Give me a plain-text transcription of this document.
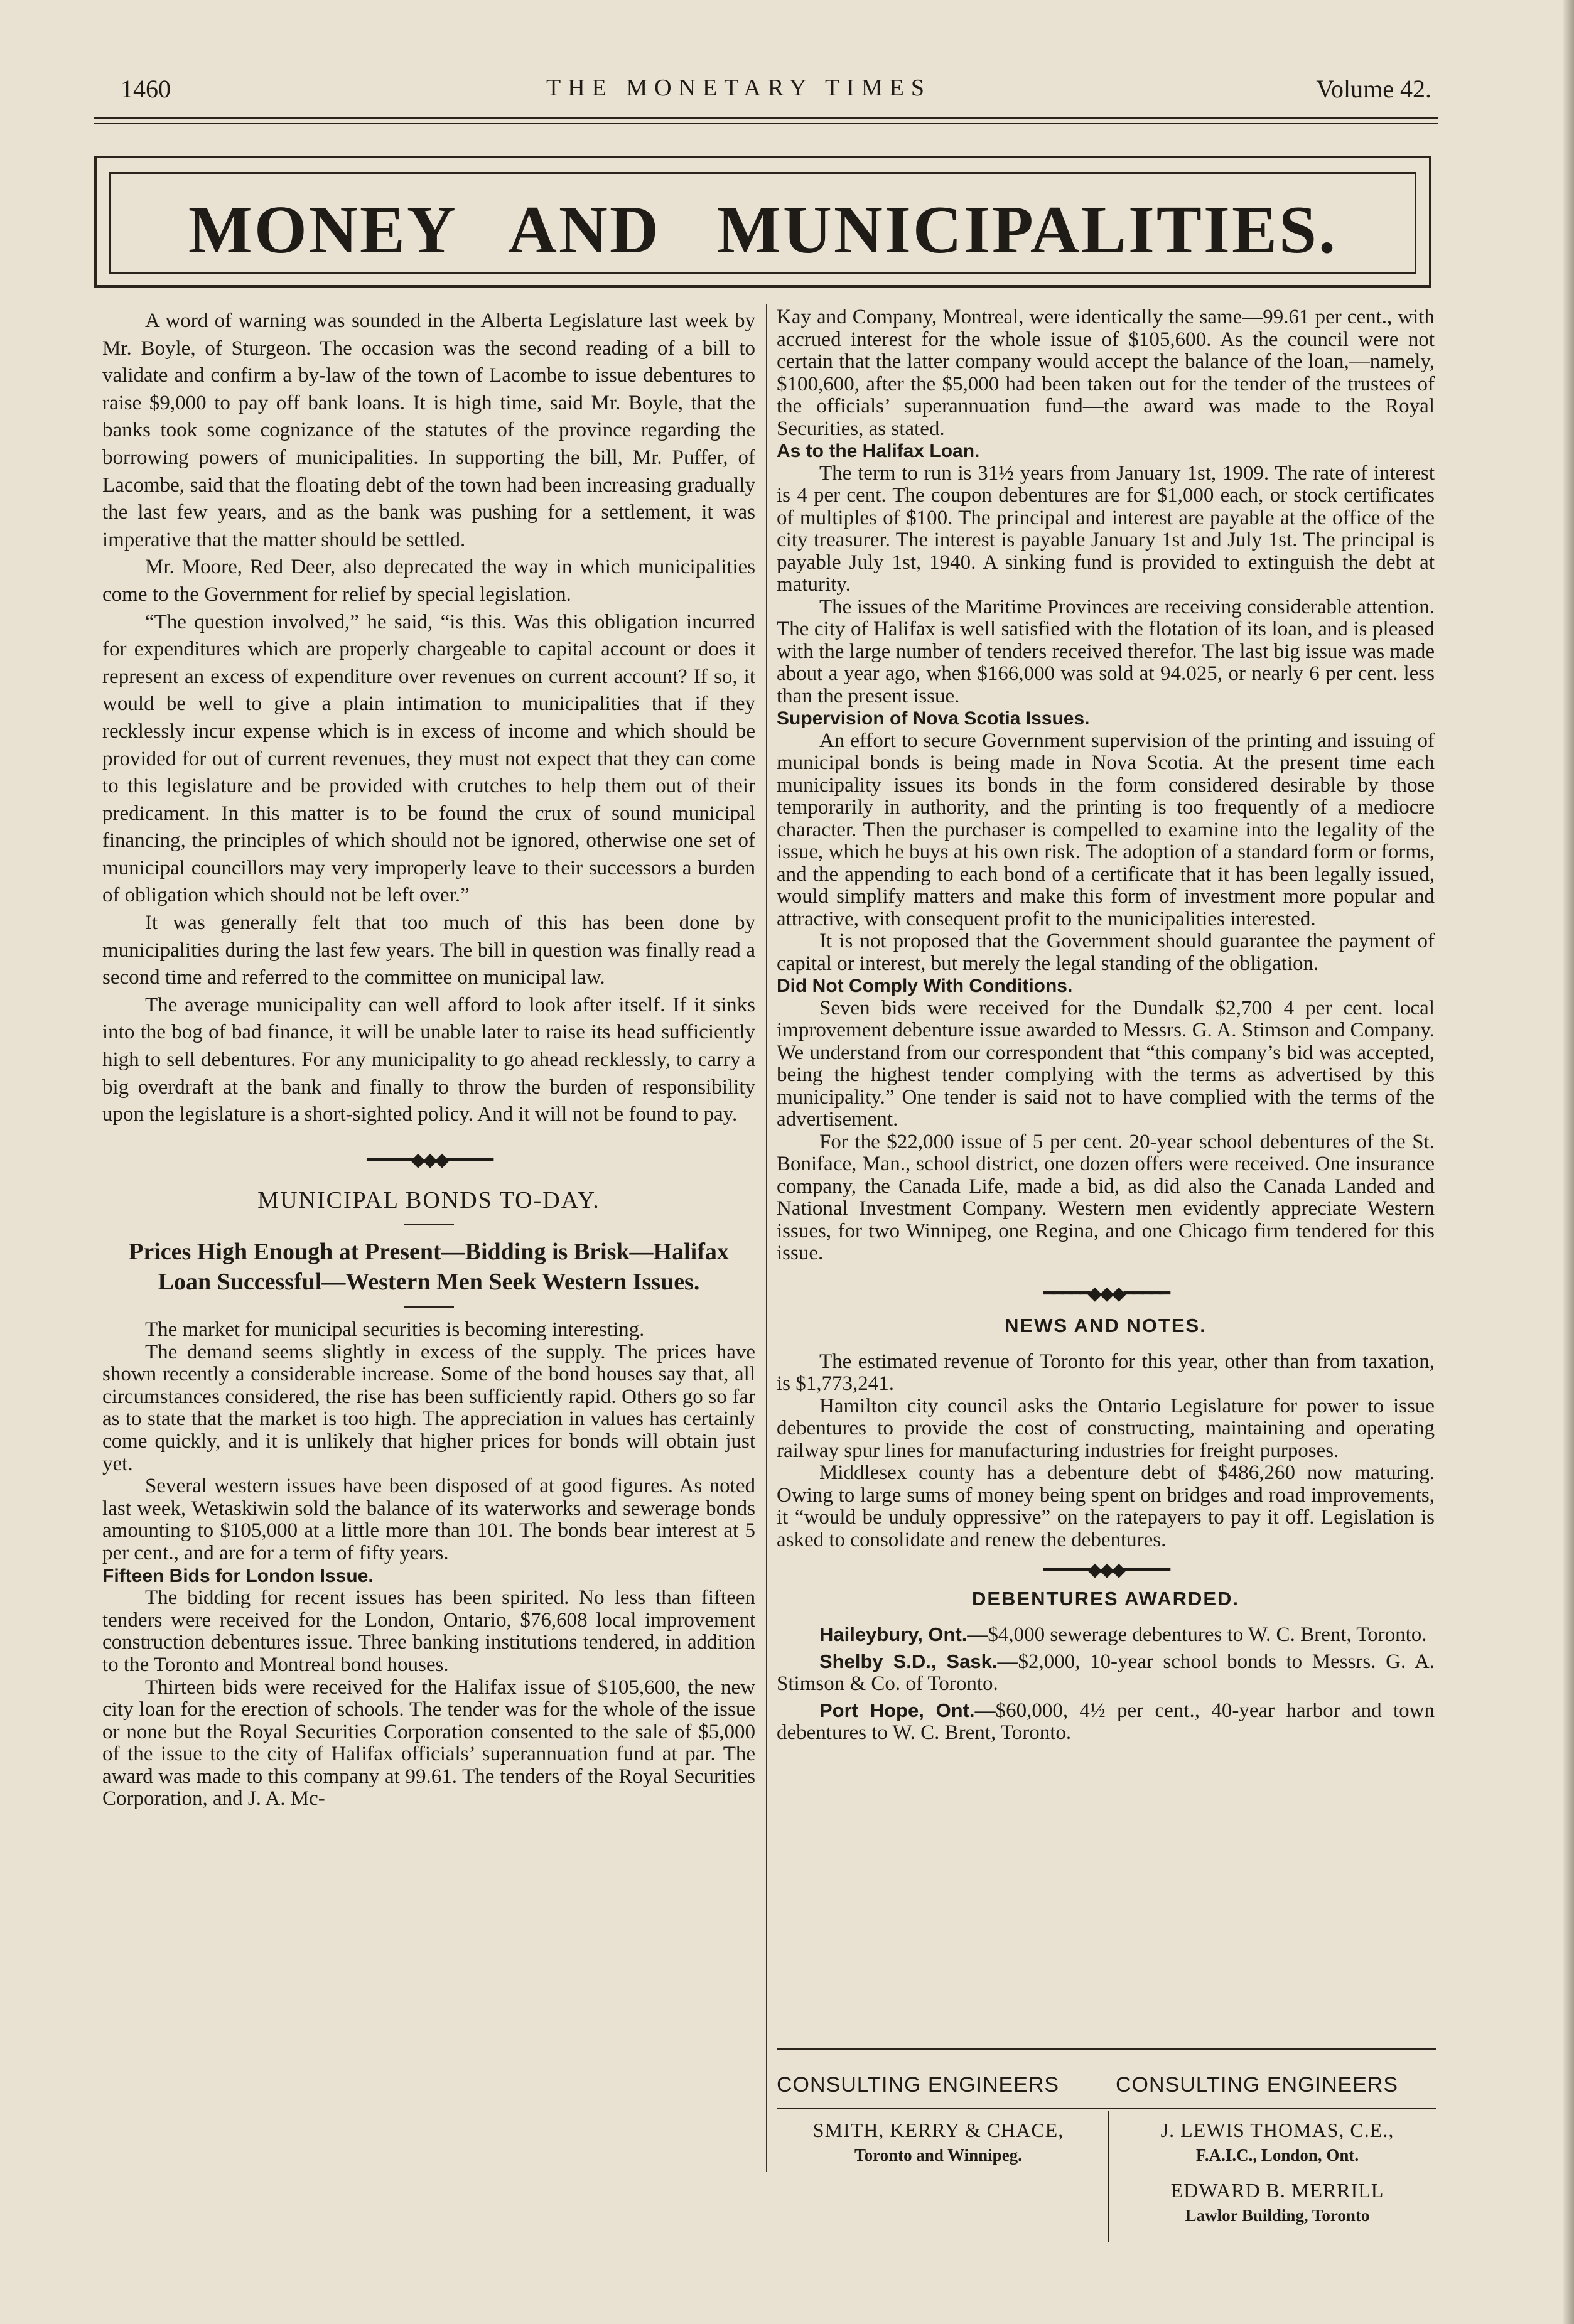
1460	THE MONETARY TIMES	Volume 42.
MONEY AND MUNICIPALITIES.

A word of warning was sounded in the Alberta Legislature last week by Mr. Boyle, of Sturgeon. The occasion was the second reading of a bill to validate and confirm a by-law of the town of Lacombe to issue debentures to raise $9,000 to pay off bank loans. It is high time, said Mr. Boyle, that the banks took some cognizance of the statutes of the province regarding the borrowing powers of municipalities. In supporting the bill, Mr. Puffer, of Lacombe, said that the floating debt of the town had been increasing gradually the last few years, and as the bank was pushing for a settlement, it was imperative that the matter should be settled.

Mr. Moore, Red Deer, also deprecated the way in which municipalities come to the Government for relief by special legislation.

“The question involved,” he said, “is this. Was this obligation incurred for expenditures which are properly chargeable to capital account or does it represent an excess of expenditure over revenues on current account? If so, it would be well to give a plain intimation to municipalities that if they recklessly incur expense which is in excess of income and which should be provided for out of current revenues, they must not expect that they can come to this legislature and be provided with crutches to help them out of their predicament. In this matter is to be found the crux of sound municipal financing, the principles of which should not be ignored, otherwise one set of municipal councillors may very improperly leave to their successors a burden of obligation which should not be left over.”

It was generally felt that too much of this has been done by municipalities during the last few years. The bill in question was finally read a second time and referred to the committee on municipal law.

The average municipality can well afford to look after itself. If it sinks into the bog of bad finance, it will be unable later to raise its head sufficiently high to sell debentures. For any municipality to go ahead recklessly, to carry a big overdraft at the bank and finally to throw the burden of responsibility upon the legislature is a short-sighted policy. And it will not be found to pay.

━━━━━◆◆◆━━━━━
MUNICIPAL BONDS TO-DAY.
Prices High Enough at Present—Bidding is Brisk—Halifax Loan Successful—Western Men Seek Western Issues.

The market for municipal securities is becoming interesting.

The demand seems slightly in excess of the supply. The prices have shown recently a considerable increase. Some of the bond houses say that, all circumstances considered, the rise has been sufficiently rapid. Others go so far as to state that the market is too high. The appreciation in values has certainly come quickly, and it is unlikely that higher prices for bonds will obtain just yet.

Several western issues have been disposed of at good figures. As noted last week, Wetaskiwin sold the balance of its waterworks and sewerage bonds amounting to $105,000 at a little more than 101. The bonds bear interest at 5 per cent., and are for a term of fifty years.

Fifteen Bids for London Issue.

The bidding for recent issues has been spirited. No less than fifteen tenders were received for the London, Ontario, $76,608 local improvement construction debentures issue. Three banking institutions tendered, in addition to the Toronto and Montreal bond houses.

Thirteen bids were received for the Halifax issue of $105,600, the new city loan for the erection of schools. The tender was for the whole of the issue or none but the Royal Securities Corporation consented to the sale of $5,000 of the issue to the city of Halifax officials’ superannuation fund at par. The award was made to this company at 99.61. The tenders of the Royal Securities Corporation, and J. A. Mc-

Kay and Company, Montreal, were identically the same—99.61 per cent., with accrued interest for the whole issue of $105,600. As the council were not certain that the latter company would accept the balance of the loan,—namely, $100,600, after the $5,000 had been taken out for the tender of the trustees of the officials’ superannuation fund—the award was made to the Royal Securities, as stated.

As to the Halifax Loan.

The term to run is 31½ years from January 1st, 1909. The rate of interest is 4 per cent. The coupon debentures are for $1,000 each, or stock certificates of multiples of $100. The principal and interest are payable at the office of the city treasurer. The interest is payable January 1st and July 1st. The principal is payable July 1st, 1940. A sinking fund is provided to extinguish the debt at maturity.

The issues of the Maritime Provinces are receiving considerable attention. The city of Halifax is well satisfied with the flotation of its loan, and is pleased with the large number of tenders received therefor. The last big issue was made about a year ago, when $166,000 was sold at 94.025, or nearly 6 per cent. less than the present issue.

Supervision of Nova Scotia Issues.

An effort to secure Government supervision of the printing and issuing of municipal bonds is being made in Nova Scotia. At the present time each municipality issues its bonds in the form considered desirable by those temporarily in authority, and the printing is too frequently of a mediocre character. Then the purchaser is compelled to examine into the legality of the issue, which he buys at his own risk. The adoption of a standard form or forms, and the appending to each bond of a certificate that it has been legally issued, would simplify matters and make this form of investment more popular and attractive, with consequent profit to the municipalities interested.

It is not proposed that the Government should guarantee the payment of capital or interest, but merely the legal standing of the obligation.

Did Not Comply With Conditions.

Seven bids were received for the Dundalk $2,700 4 per cent. local improvement debenture issue awarded to Messrs. G. A. Stimson and Company. We understand from our correspondent that “this company’s bid was accepted, being the highest tender complying with the terms as advertised by this municipality.” One tender is said not to have complied with the terms of the advertisement.

For the $22,000 issue of 5 per cent. 20-year school debentures of the St. Boniface, Man., school district, one dozen offers were received. One insurance company, the Canada Life, made a bid, as did also the Canada Landed and National Investment Company. Western men evidently appreciate Western issues, for two Winnipeg, one Regina, and one Chicago firm tendered for this issue.

━━━━━◆◆◆━━━━━
NEWS AND NOTES.

The estimated revenue of Toronto for this year, other than from taxation, is $1,773,241.

Hamilton city council asks the Ontario Legislature for power to issue debentures to provide the cost of constructing, maintaining and operating railway spur lines for manufacturing industries for freight purposes.

Middlesex county has a debenture debt of $486,260 now maturing. Owing to large sums of money being spent on bridges and road improvements, it “would be unduly oppressive” on the ratepayers to pay it off. Legislation is asked to consolidate and renew the debentures.

━━━━━◆◆◆━━━━━
DEBENTURES AWARDED.

Haileybury, Ont.—$4,000 sewerage debentures to W. C. Brent, Toronto.

Shelby S.D., Sask.—$2,000, 10-year school bonds to Messrs. G. A. Stimson & Co. of Toronto.

Port Hope, Ont.—$60,000, 4½ per cent., 40-year harbor and town debentures to W. C. Brent, Toronto.

CONSULTING ENGINEERS
SMITH, KERRY & CHACE,
Toronto and Winnipeg.
CONSULTING ENGINEERS
J. LEWIS THOMAS, C.E.,
F.A.I.C., London, Ont.
EDWARD B. MERRILL
Lawlor Building, Toronto
